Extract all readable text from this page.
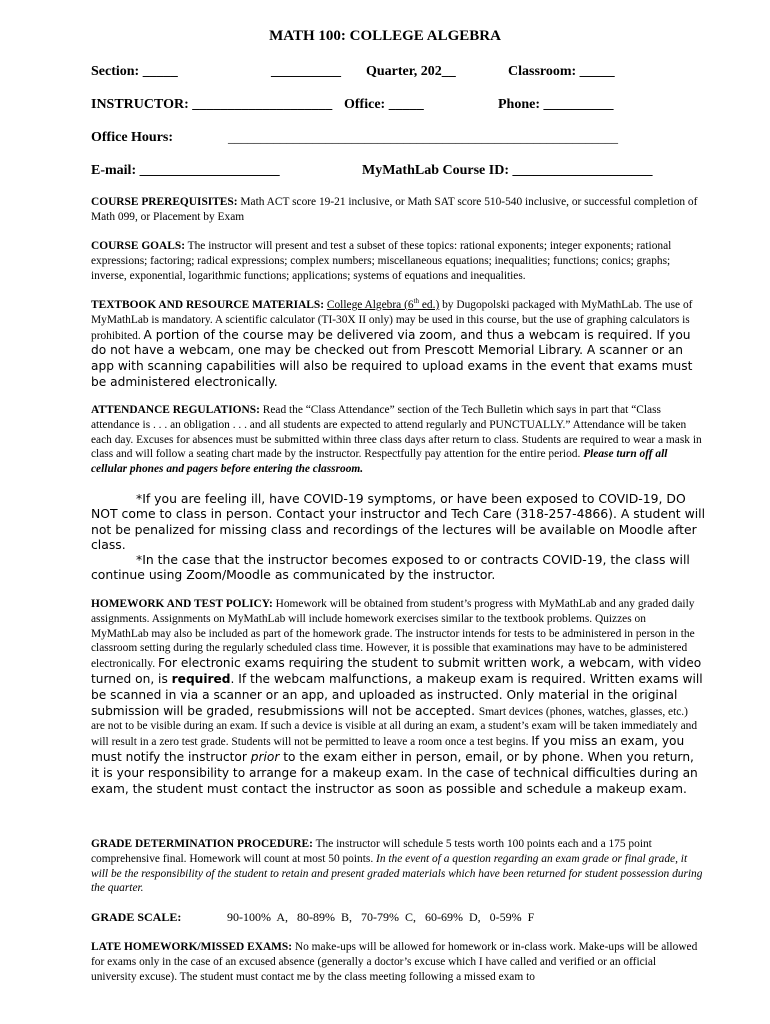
MATH 100: COLLEGE ALGEBRA
Section: _____	__________ Quarter, 202__	Classroom: _____
INSTRUCTOR: ____________________ Office: _____	Phone: __________
Office Hours:	____________________________________________________________
E-mail: ____________________	MyMathLab Course ID: ____________________
COURSE PREREQUISITES: Math ACT score 19-21 inclusive, or Math SAT score 510-540 inclusive, or successful completion of Math 099, or Placement by Exam
COURSE GOALS: The instructor will present and test a subset of these topics: rational exponents; integer exponents; rational expressions; factoring; radical expressions; complex numbers; miscellaneous equations; inequalities; functions; conics; graphs; inverse, exponential, logarithmic functions; applications; systems of equations and inequalities.
TEXTBOOK AND RESOURCE MATERIALS: College Algebra (6th ed.) by Dugopolski packaged with MyMathLab. The use of MyMathLab is mandatory. A scientific calculator (TI-30X II only) may be used in this course, but the use of graphing calculators is prohibited. A portion of the course may be delivered via zoom, and thus a webcam is required. If you do not have a webcam, one may be checked out from Prescott Memorial Library. A scanner or an app with scanning capabilities will also be required to upload exams in the event that exams must be administered electronically.
ATTENDANCE REGULATIONS: Read the “Class Attendance” section of the Tech Bulletin which says in part that “Class attendance is . . . an obligation . . . and all students are expected to attend regularly and PUNCTUALLY.” Attendance will be taken each day. Excuses for absences must be submitted within three class days after return to class. Students are required to wear a mask in class and will follow a seating chart made by the instructor. Respectfully pay attention for the entire period. Please turn off all cellular phones and pagers before entering the classroom.
*If you are feeling ill, have COVID-19 symptoms, or have been exposed to COVID-19, DO NOT come to class in person. Contact your instructor and Tech Care (318-257-4866). A student will not be penalized for missing class and recordings of the lectures will be available on Moodle after class.
*In the case that the instructor becomes exposed to or contracts COVID-19, the class will continue using Zoom/Moodle as communicated by the instructor.
HOMEWORK AND TEST POLICY: Homework will be obtained from student’s progress with MyMathLab and any graded daily assignments. Assignments on MyMathLab will include homework exercises similar to the textbook problems. Quizzes on MyMathLab may also be included as part of the homework grade. The instructor intends for tests to be administered in person in the classroom setting during the regularly scheduled class time. However, it is possible that examinations may have to be administered electronically. For electronic exams requiring the student to submit written work, a webcam, with video turned on, is required. If the webcam malfunctions, a makeup exam is required. Written exams will be scanned in via a scanner or an app, and uploaded as instructed. Only material in the original submission will be graded, resubmissions will not be accepted. Smart devices (phones, watches, glasses, etc.) are not to be visible during an exam. If such a device is visible at all during an exam, a student’s exam will be taken immediately and will result in a zero test grade. Students will not be permitted to leave a room once a test begins. If you miss an exam, you must notify the instructor prior to the exam either in person, email, or by phone. When you return, it is your responsibility to arrange for a makeup exam. In the case of technical difficulties during an exam, the student must contact the instructor as soon as possible and schedule a makeup exam.
GRADE DETERMINATION PROCEDURE: The instructor will schedule 5 tests worth 100 points each and a 175 point comprehensive final. Homework will count at most 50 points. In the event of a question regarding an exam grade or final grade, it will be the responsibility of the student to retain and present graded materials which have been returned for student possession during the quarter.
GRADE SCALE:	90-100%  A,   80-89%  B,   70-79%  C,   60-69%  D,   0-59%  F
LATE HOMEWORK/MISSED EXAMS: No make-ups will be allowed for homework or in-class work. Make-ups will be allowed for exams only in the case of an excused absence (generally a doctor’s excuse which I have called and verified or an official university excuse). The student must contact me by the class meeting following a missed exam to
